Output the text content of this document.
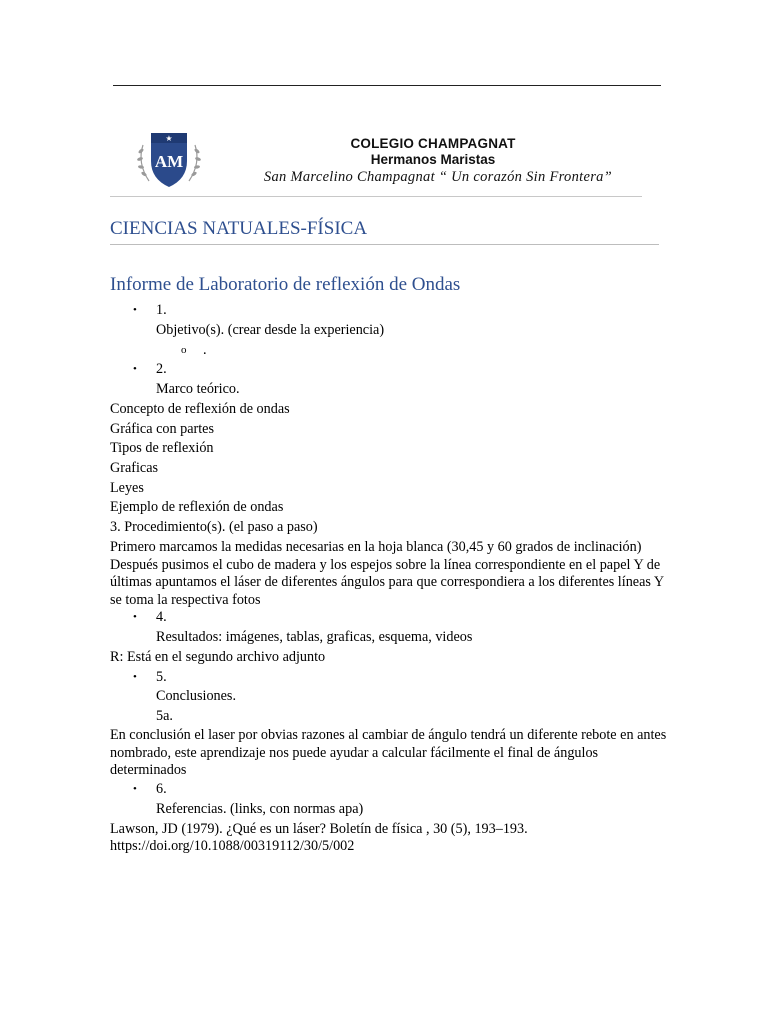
★
AM
COLEGIO CHAMPAGNAT
Hermanos Maristas
San Marcelino Champagnat “ Un corazón Sin Frontera”
CIENCIAS NATUALES-FÍSICA
Informe de Laboratorio de reflexión de Ondas
• 1.
Objetivo(s). (crear desde la experiencia)
o .
• 2.
Marco teórico.
Concepto de reflexión de ondas
Gráfica con partes
Tipos de reflexión
Graficas
Leyes
Ejemplo de reflexión de ondas
3. Procedimiento(s). (el paso a paso)
Primero marcamos la medidas necesarias en la hoja blanca (30,45 y 60 grados de inclinación) Después pusimos el cubo de madera y los espejos sobre la línea correspondiente en el papel Y de últimas apuntamos el láser de diferentes ángulos para que correspondiera a los diferentes líneas Y se toma la respectiva fotos
• 4.
Resultados: imágenes, tablas, graficas, esquema, videos
R: Está en el segundo archivo adjunto
• 5.
Conclusiones.
5a.
En conclusión el laser por obvias razones al cambiar de ángulo tendrá un diferente rebote en antes nombrado, este aprendizaje nos puede ayudar a calcular fácilmente el final de ángulos determinados
• 6.
Referencias. (links, con normas apa)
Lawson, JD (1979). ¿Qué es un láser? Boletín de física , 30 (5), 193–193.
https://doi.org/10.1088/00319112/30/5/002
